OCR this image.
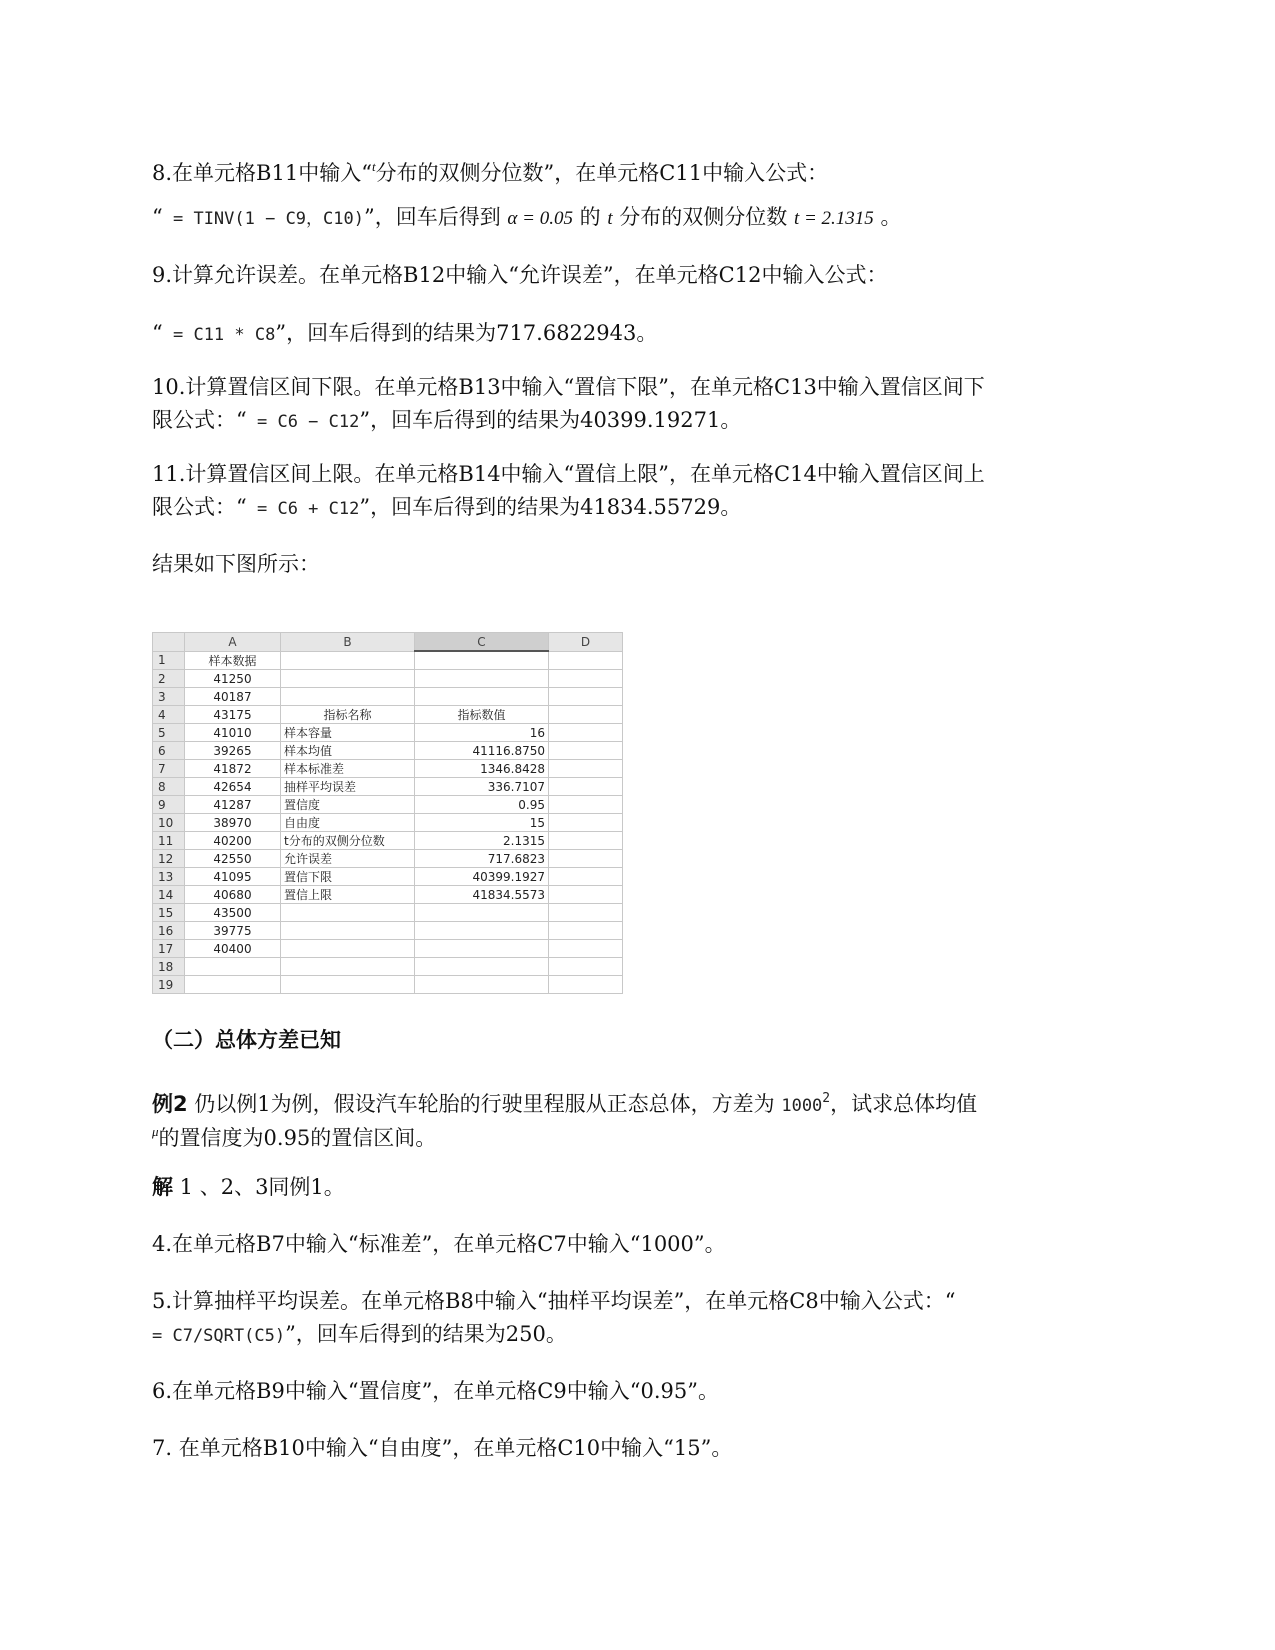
8.在单元格B11中输入“$^t$分布的双侧分位数”，在单元格C11中输入公式：
“ = TINV(1 − C9，C10)”，回车后得到 α = 0.05 的 t 分布的双侧分位数 t = 2.1315 。
9.计算允许误差。在单元格B12中输入“允许误差”，在单元格C12中输入公式：
“ = C11 * C8”，回车后得到的结果为717.6822943。
10.计算置信区间下限。在单元格B13中输入“置信下限”，在单元格C13中输入置信区间下
限公式：“ = C6 − C12”，回车后得到的结果为40399.19271。
11.计算置信区间上限。在单元格B14中输入“置信上限”，在单元格C14中输入置信区间上
限公式：“ = C6 + C12”，回车后得到的结果为41834.55729。
结果如下图所示：
	A	B	C	D
1	样本数据			
2	41250			
3	40187			
4	43175	指标名称	指标数值	
5	41010	样本容量	16	
6	39265	样本均值	41116.8750	
7	41872	样本标准差	1346.8428	
8	42654	抽样平均误差	336.7107	
9	41287	置信度	0.95	
10	38970	自由度	15	
11	40200	t分布的双侧分位数	2.1315	
12	42550	允许误差	717.6823	
13	41095	置信下限	40399.1927	
14	40680	置信上限	41834.5573	
15	43500			
16	39775			
17	40400			
18				
19				
（二）总体方差已知
例2 仍以例1为例，假设汽车轮胎的行驶里程服从正态总体，方差为 1000$^2$，试求总体均值
$^\mu$的置信度为0.95的置信区间。
解 1 、2、3同例1。
4.在单元格B7中输入“标准差”，在单元格C7中输入“1000”。
5.计算抽样平均误差。在单元格B8中输入“抽样平均误差”，在单元格C8中输入公式：“
= C7/SQRT(C5)”，回车后得到的结果为250。
6.在单元格B9中输入“置信度”，在单元格C9中输入“0.95”。
7. 在单元格B10中输入“自由度”，在单元格C10中输入“15”。
